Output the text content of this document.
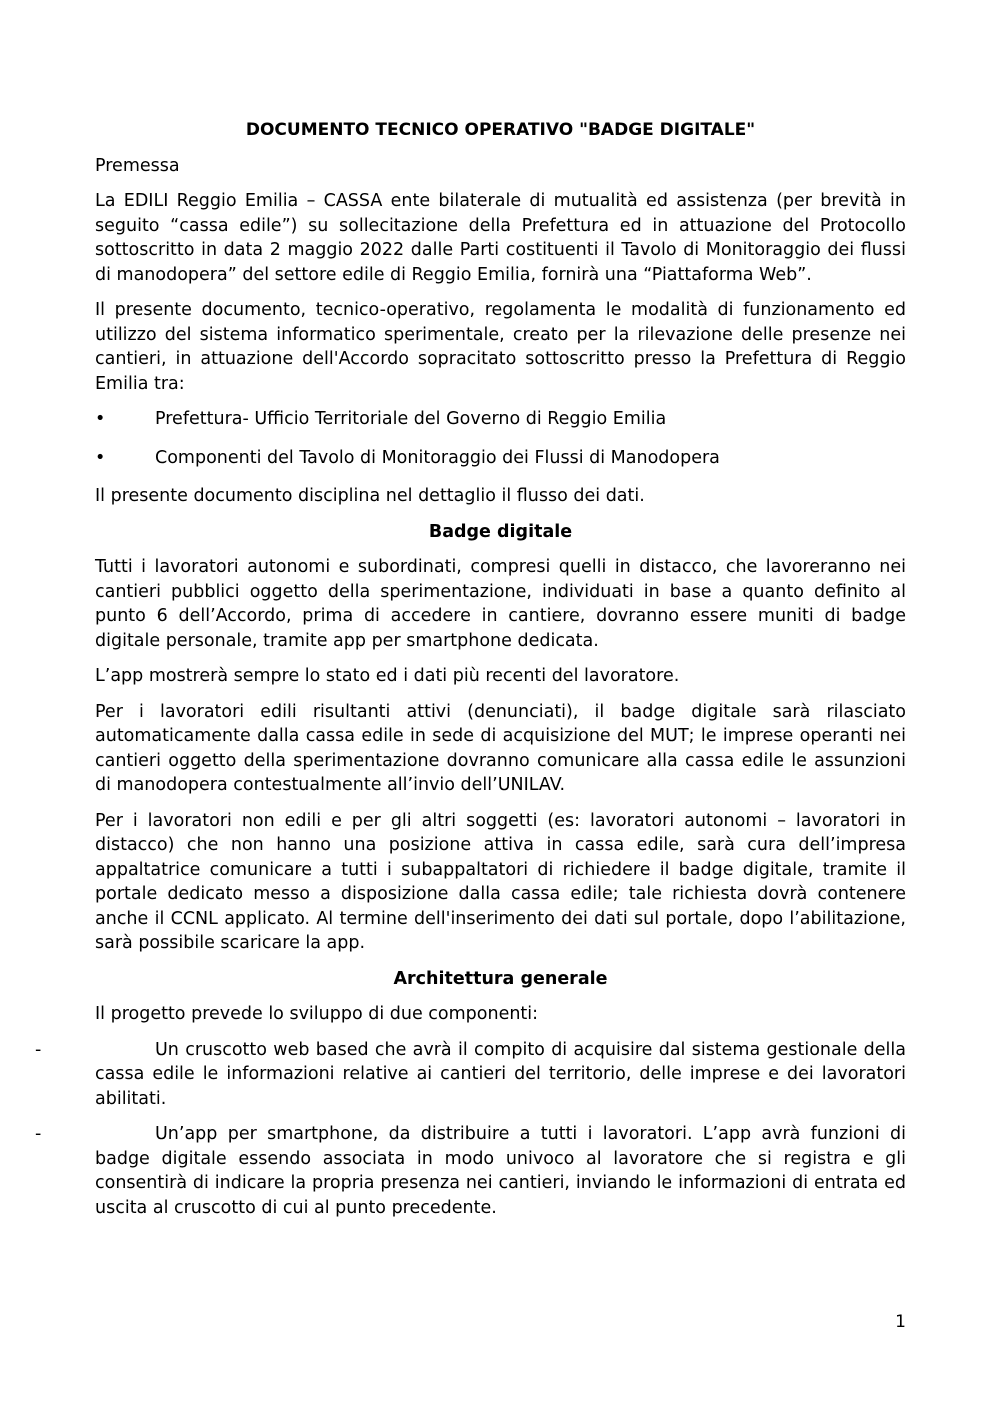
DOCUMENTO TECNICO OPERATIVO "BADGE DIGITALE"

Premessa

La EDILI Reggio Emilia – CASSA ente bilaterale di mutualità ed assistenza (per brevità in seguito “cassa edile”) su sollecitazione della Prefettura ed in attuazione del Protocollo sottoscritto in data 2 maggio 2022 dalle Parti costituenti il Tavolo di Monitoraggio dei flussi di manodopera” del settore edile di Reggio Emilia, fornirà una “Piattaforma Web”.

Il presente documento, tecnico-operativo, regolamenta le modalità di funzionamento ed utilizzo del sistema informatico sperimentale, creato per la rilevazione delle presenze nei cantieri, in attuazione dell'Accordo sopracitato sottoscritto presso la Prefettura di Reggio Emilia tra:

•	Prefettura- Ufficio Territoriale del Governo di Reggio Emilia
•	Componenti del Tavolo di Monitoraggio dei Flussi di Manodopera

Il presente documento disciplina nel dettaglio il flusso dei dati.

Badge digitale

Tutti i lavoratori autonomi e subordinati, compresi quelli in distacco, che lavoreranno nei cantieri pubblici oggetto della sperimentazione, individuati in base a quanto definito al punto 6 dell’Accordo, prima di accedere in cantiere, dovranno essere muniti di badge digitale personale, tramite app per smartphone dedicata.

L’app mostrerà sempre lo stato ed i dati più recenti del lavoratore.

Per i lavoratori edili risultanti attivi (denunciati), il badge digitale sarà rilasciato automaticamente dalla cassa edile in sede di acquisizione del MUT; le imprese operanti nei cantieri oggetto della sperimentazione dovranno comunicare alla cassa edile le assunzioni di manodopera contestualmente all’invio dell’UNILAV.

Per i lavoratori non edili e per gli altri soggetti (es: lavoratori autonomi – lavoratori in distacco) che non hanno una posizione attiva in cassa edile, sarà cura dell’impresa appaltatrice comunicare a tutti i subappaltatori di richiedere il badge digitale, tramite il portale dedicato messo a disposizione dalla cassa edile; tale richiesta dovrà contenere anche il CCNL applicato. Al termine dell'inserimento dei dati sul portale, dopo l’abilitazione, sarà possibile scaricare la app.

Architettura generale

Il progetto prevede lo sviluppo di due componenti:

-	Un cruscotto web based che avrà il compito di acquisire dal sistema gestionale della cassa edile le informazioni relative ai cantieri del territorio, delle imprese e dei lavoratori abilitati.
-	Un’app per smartphone, da distribuire a tutti i lavoratori. L’app avrà funzioni di badge digitale essendo associata in modo univoco al lavoratore che si registra e gli consentirà di indicare la propria presenza nei cantieri, inviando le informazioni di entrata ed uscita al cruscotto di cui al punto precedente.
1
